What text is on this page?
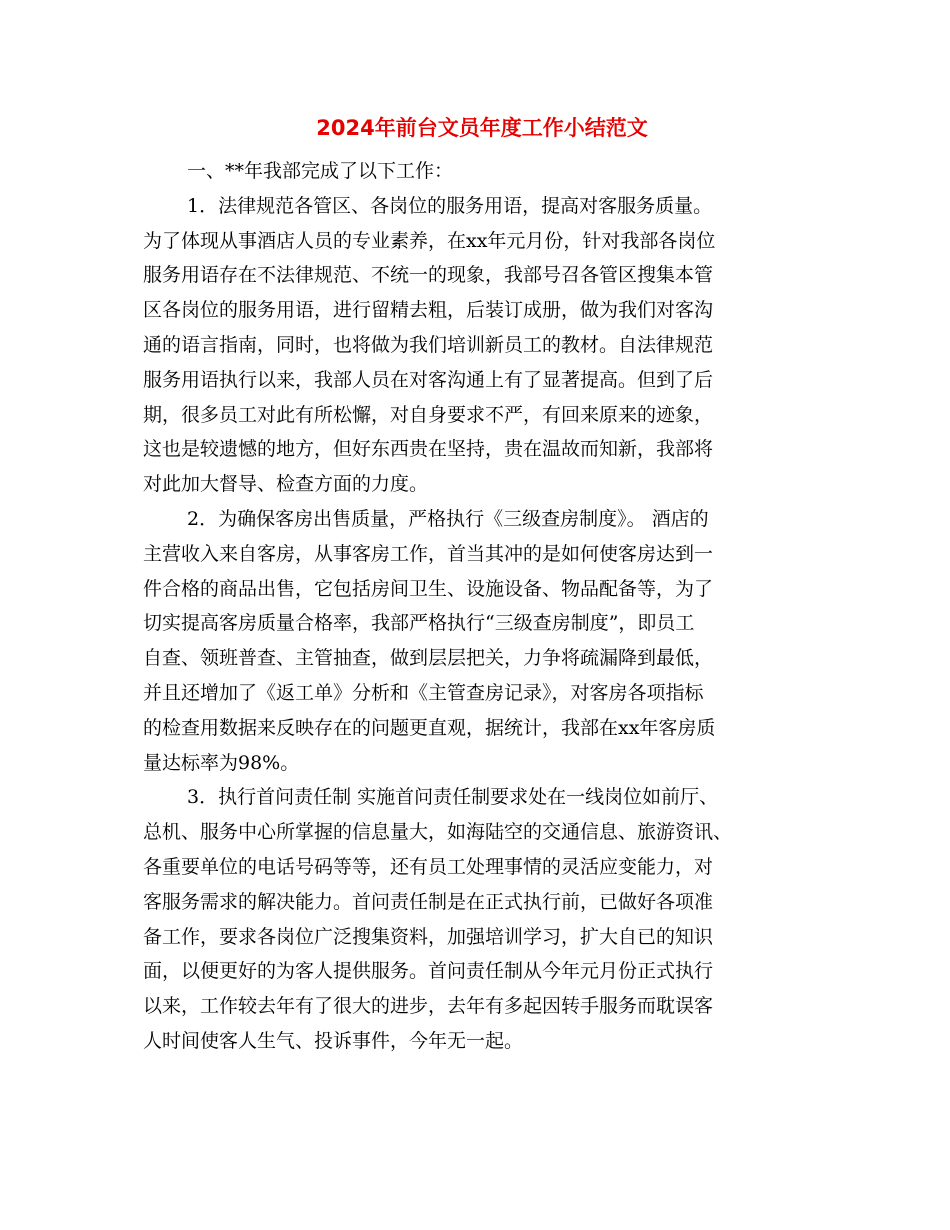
2024年前台文员年度工作小结范文
一、**年我部完成了以下工作：
1．法律规范各管区、各岗位的服务用语，提高对客服务质量。
为了体现从事酒店人员的专业素养，在xx年元月份，针对我部各岗位
服务用语存在不法律规范、不统一的现象，我部号召各管区搜集本管
区各岗位的服务用语，进行留精去粗，后装订成册，做为我们对客沟
通的语言指南，同时，也将做为我们培训新员工的教材。自法律规范
服务用语执行以来，我部人员在对客沟通上有了显著提高。但到了后
期，很多员工对此有所松懈，对自身要求不严，有回来原来的迹象，
这也是较遗憾的地方，但好东西贵在坚持，贵在温故而知新，我部将
对此加大督导、检查方面的力度。
2．为确保客房出售质量，严格执行《三级查房制度》。 酒店的
主营收入来自客房，从事客房工作，首当其冲的是如何使客房达到一
件合格的商品出售，它包括房间卫生、设施设备、物品配备等，为了
切实提高客房质量合格率，我部严格执行“三级查房制度”，即员工
自查、领班普查、主管抽查，做到层层把关，力争将疏漏降到最低，
并且还增加了《返工单》分析和《主管查房记录》，对客房各项指标
的检查用数据来反映存在的问题更直观，据统计，我部在xx年客房质
量达标率为98%。
3．执行首问责任制 实施首问责任制要求处在一线岗位如前厅、
总机、服务中心所掌握的信息量大，如海陆空的交通信息、旅游资讯、
各重要单位的电话号码等等，还有员工处理事情的灵活应变能力，对
客服务需求的解决能力。首问责任制是在正式执行前，已做好各项准
备工作，要求各岗位广泛搜集资料，加强培训学习，扩大自已的知识
面，以便更好的为客人提供服务。首问责任制从今年元月份正式执行
以来，工作较去年有了很大的进步，去年有多起因转手服务而耽误客
人时间使客人生气、投诉事件，今年无一起。
